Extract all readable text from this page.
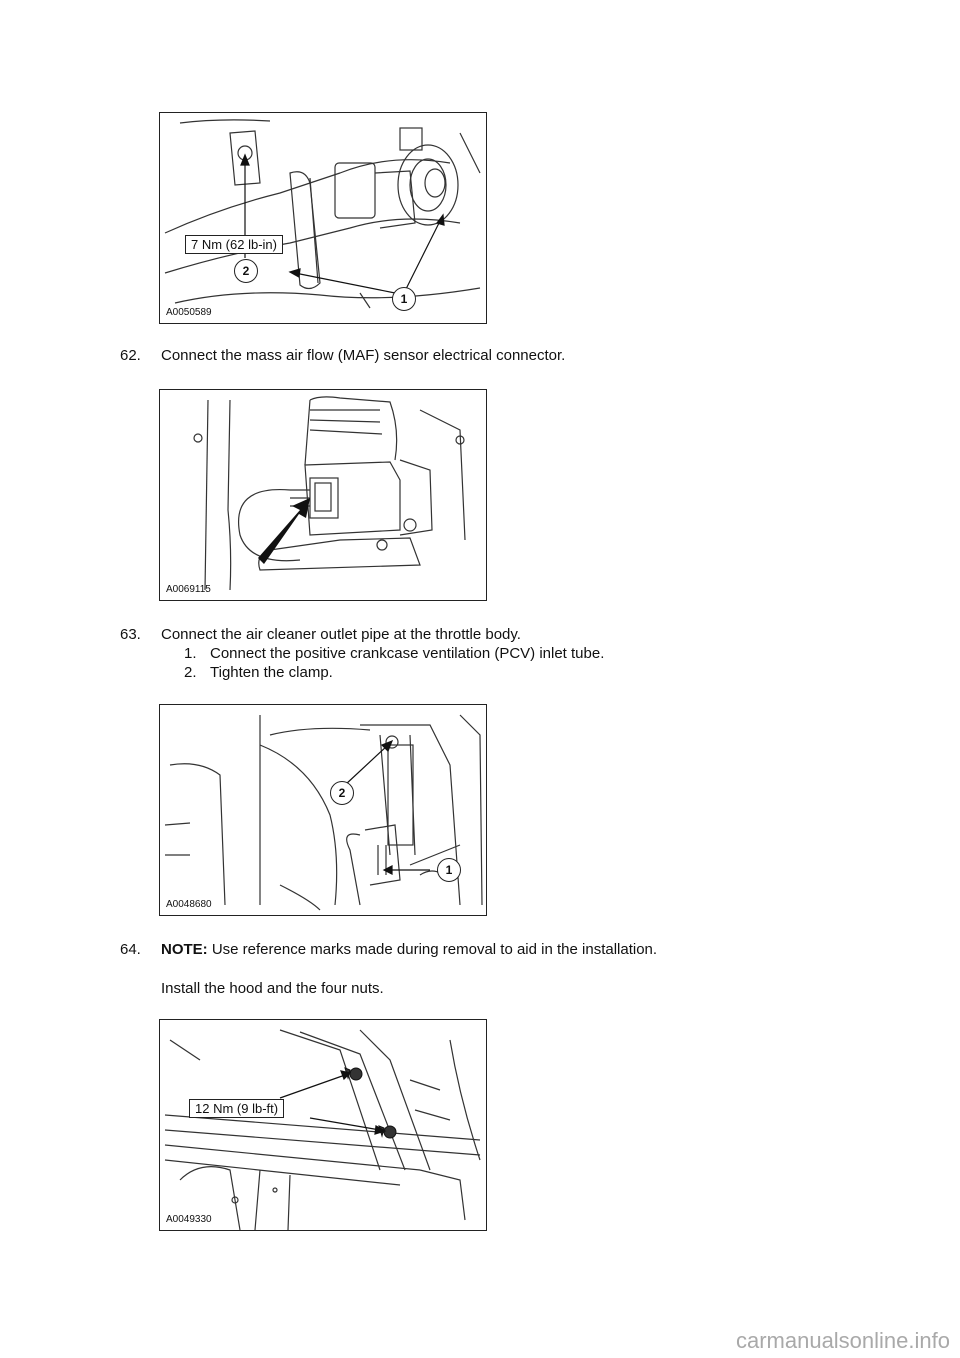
7 Nm (62 lb-in)
2
1
A0050589
62. Connect the mass air flow (MAF) sensor electrical connector.
A0069115
63. Connect the air cleaner outlet pipe at the throttle body.
1. Connect the positive crankcase ventilation (PCV) inlet tube.
2. Tighten the clamp.
2
1
A0048680
64. NOTE: Use reference marks made during removal to aid in the installation.
Install the hood and the four nuts.
12 Nm (9 lb-ft)
A0049330
carmanualsonline.info
